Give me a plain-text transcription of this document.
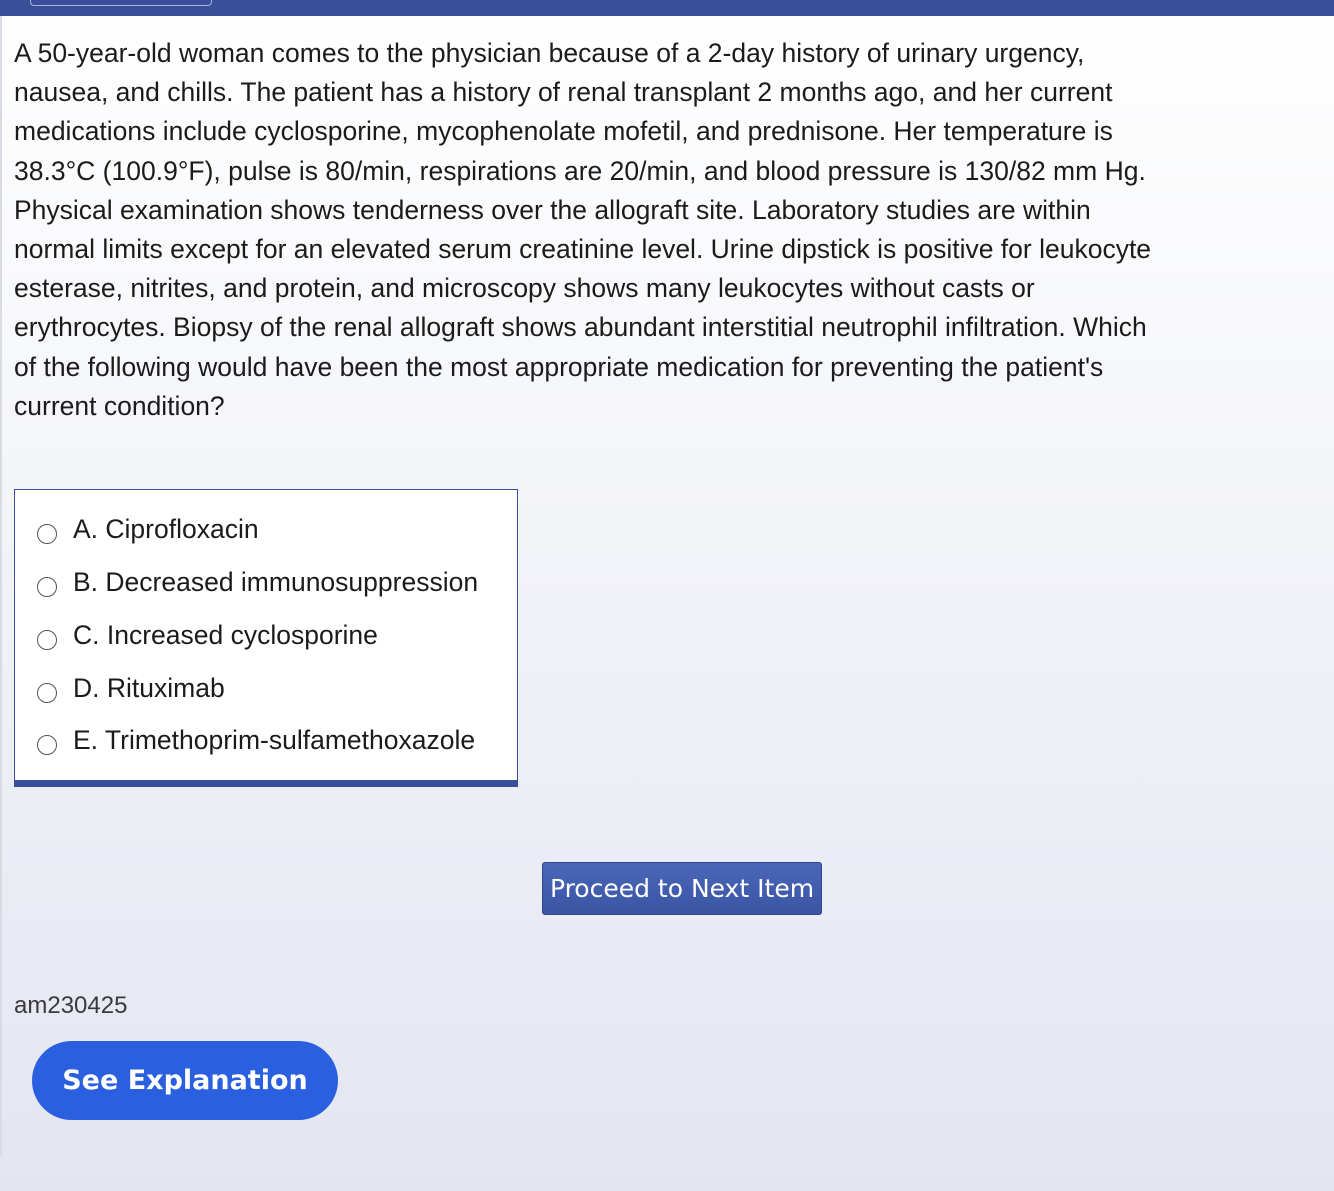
A 50-year-old woman comes to the physician because of a 2-day history of urinary urgency, nausea, and chills. The patient has a history of renal transplant 2 months ago, and her current medications include cyclosporine, mycophenolate mofetil, and prednisone. Her temperature is 38.3°C (100.9°F), pulse is 80/min, respirations are 20/min, and blood pressure is 130/82 mm Hg. Physical examination shows tenderness over the allograft site. Laboratory studies are within normal limits except for an elevated serum creatinine level. Urine dipstick is positive for leukocyte esterase, nitrites, and protein, and microscopy shows many leukocytes without casts or erythrocytes. Biopsy of the renal allograft shows abundant interstitial neutrophil infiltration. Which of the following would have been the most appropriate medication for preventing the patient's current condition?

A. Ciprofloxacin
B. Decreased immunosuppression
C. Increased cyclosporine
D. Rituximab
E. Trimethoprim-sulfamethoxazole
Proceed to Next Item
am230425
See Explanation
